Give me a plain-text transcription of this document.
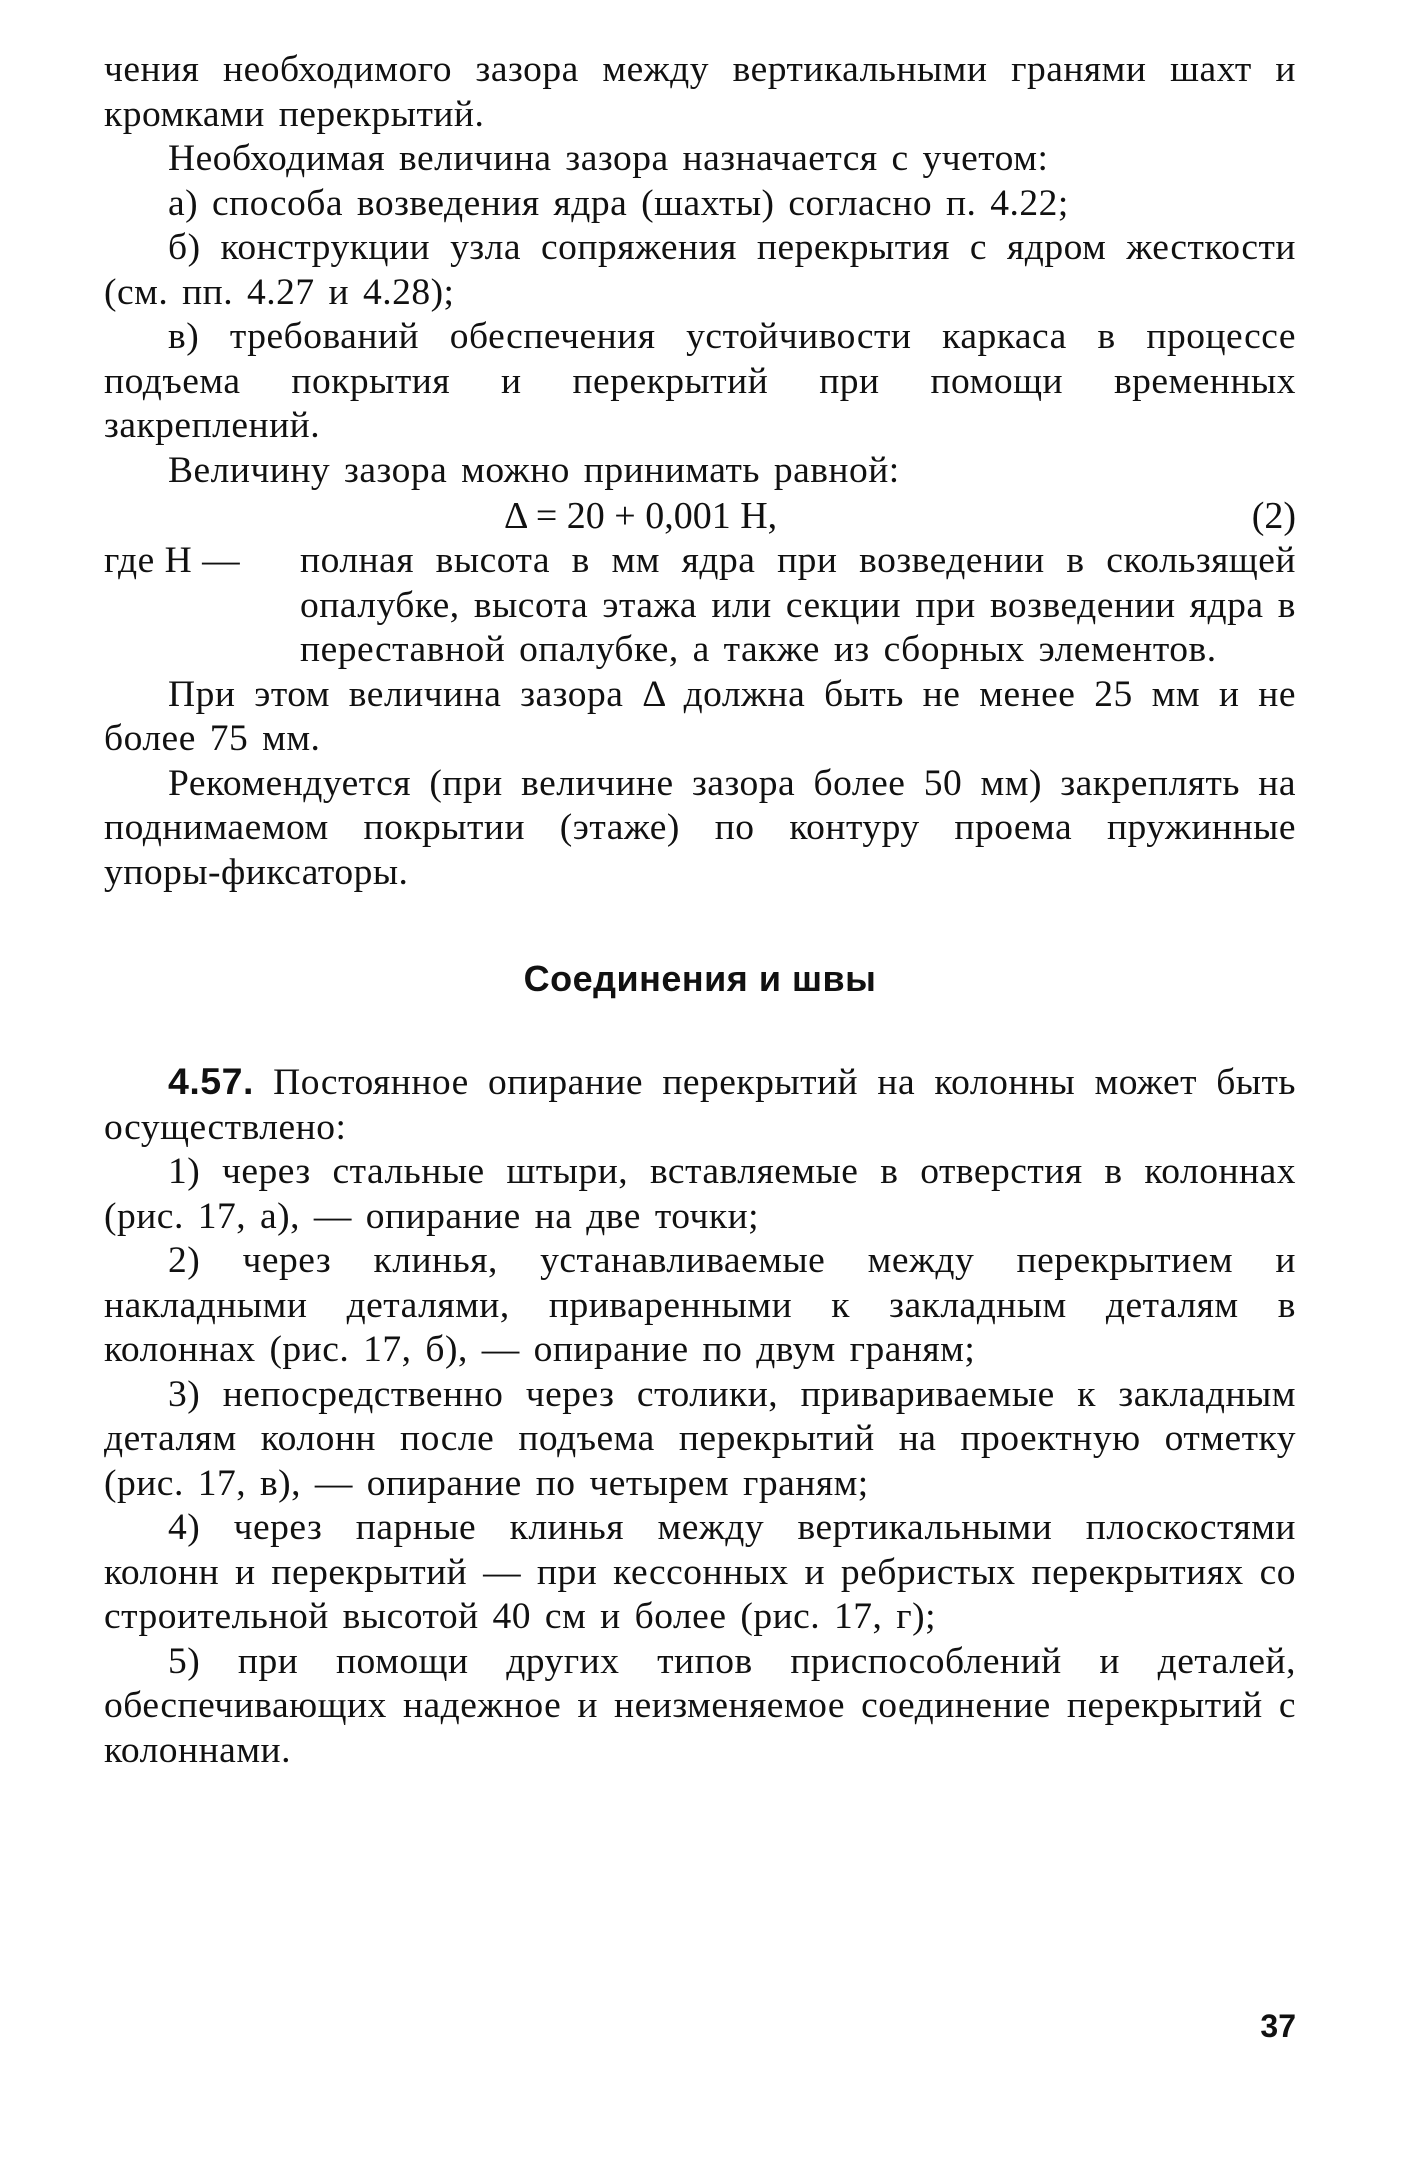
чения необходимого зазора между вертикальными гранями шахт и кромками перекрытий.

Необходимая величина зазора назначается с учетом:

а) способа возведения ядра (шахты) согласно п. 4.22;

б) конструкции узла сопряжения перекрытия с ядром жесткости (см. пп. 4.27 и 4.28);

в) требований обеспечения устойчивости каркаса в процессе подъема покрытия и перекрытий при помощи временных закреплений.

Величину зазора можно принимать равной:

Δ = 20 + 0,001 H,	(2)
где H —	полная высота в мм ядра при возведении в скользящей опалубке, высота этажа или секции при возведении ядра в переставной опалубке, а также из сборных элементов.

При этом величина зазора Δ должна быть не менее 25 мм и не более 75 мм.

Рекомендуется (при величине зазора более 50 мм) закреплять на поднимаемом покрытии (этаже) по контуру проема пружинные упоры-фиксаторы.

Соединения и швы

4.57. Постоянное опирание перекрытий на колонны может быть осуществлено:

1) через стальные штыри, вставляемые в отверстия в колоннах (рис. 17, а), — опирание на две точки;

2) через клинья, устанавливаемые между перекрытием и накладными деталями, приваренными к закладным деталям в колоннах (рис. 17, б), — опирание по двум граням;

3) непосредственно через столики, привариваемые к закладным деталям колонн после подъема перекрытий на проектную отметку (рис. 17, в), — опирание по четырем граням;

4) через парные клинья между вертикальными плоскостями колонн и перекрытий — при кессонных и ребристых перекрытиях со строительной высотой 40 см и более (рис. 17, г);

5) при помощи других типов приспособлений и деталей, обеспечивающих надежное и неизменяемое соединение перекрытий с колоннами.

37
